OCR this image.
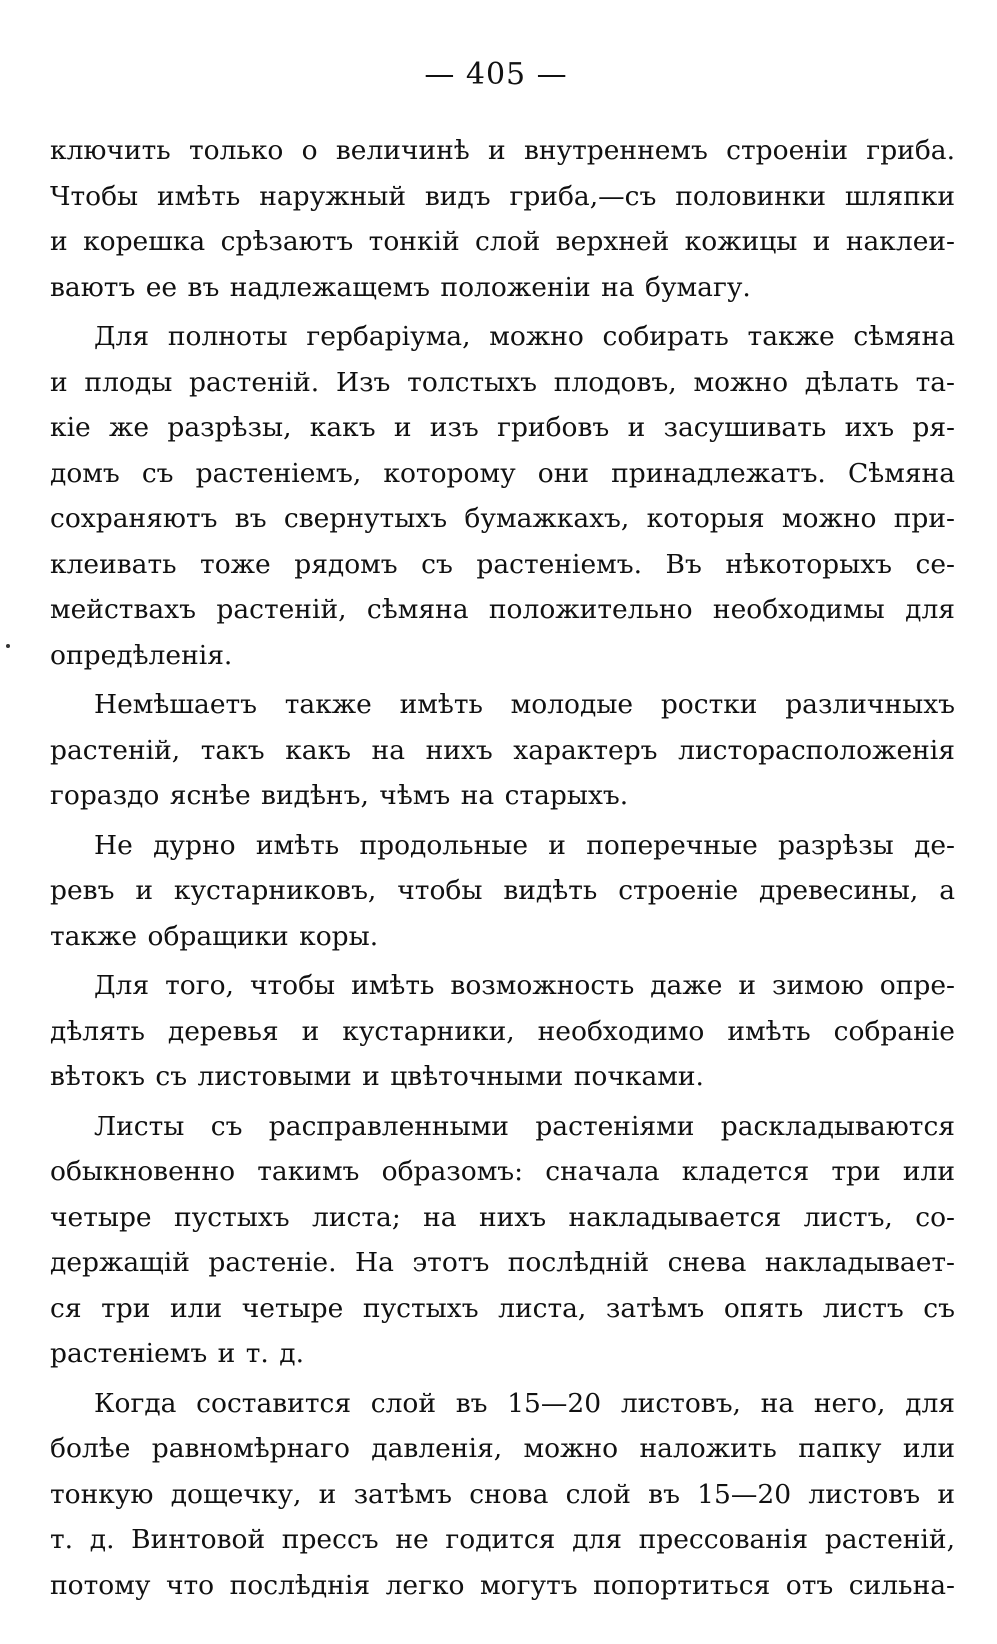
— 405 —
ключить только о величинѣ и внутреннемъ строеніи гриба.
Чтобы имѣть наружный видъ гриба,—съ половинки шляпки
и корешка срѣзаютъ тонкій слой верхней кожицы и наклеи-
ваютъ ее въ надлежащемъ положеніи на бумагу.
Для полноты гербаріума, можно собирать также сѣмяна
и плоды растеній. Изъ толстыхъ плодовъ, можно дѣлать та-
кіе же разрѣзы, какъ и изъ грибовъ и засушивать ихъ ря-
домъ съ растеніемъ, которому они принадлежатъ. Сѣмяна
сохраняютъ въ свернутыхъ бумажкахъ, которыя можно при-
клеивать тоже рядомъ съ растеніемъ. Въ нѣкоторыхъ се-
мействахъ растеній, сѣмяна положительно необходимы для
опредѣленія.
Немѣшаетъ также имѣть молодые ростки различныхъ
растеній, такъ какъ на нихъ характеръ листорасположенія
гораздо яснѣе видѣнъ, чѣмъ на старыхъ.
Не дурно имѣть продольные и поперечные разрѣзы де-
ревъ и кустарниковъ, чтобы видѣть строеніе древесины, а
также обращики коры.
Для того, чтобы имѣть возможность даже и зимою опре-
дѣлять деревья и кустарники, необходимо имѣть собраніе
вѣтокъ съ листовыми и цвѣточными почками.
Листы съ расправленными растеніями раскладываются
обыкновенно такимъ образомъ: сначала кладется три или
четыре пустыхъ листа; на нихъ накладывается листъ, со-
держащій растеніе. На этотъ послѣдній снева накладывает-
ся три или четыре пустыхъ листа, затѣмъ опять листъ съ
растеніемъ и т. д.
Когда составится слой въ 15—20 листовъ, на него, для
болѣе равномѣрнаго давленія, можно наложить папку или
тонкую дощечку, и затѣмъ снова слой въ 15—20 листовъ и
т. д. Винтовой прессъ не годится для прессованія растеній,
потому что послѣднія легко могутъ попортиться отъ сильна-
